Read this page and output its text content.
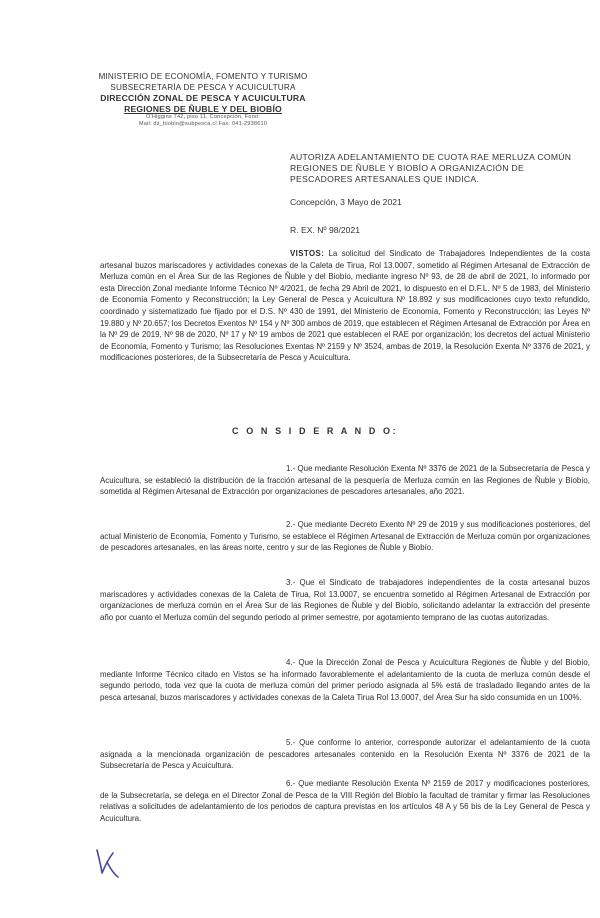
MINISTERIO DE ECONOMÍA, FOMENTO Y TURISMO
SUBSECRETARÍA DE PESCA Y ACUICULTURA
DIRECCIÓN ZONAL DE PESCA Y ACUICULTURA
REGIONES DE ÑUBLE Y DEL BIOBÍO
O'Higgins 742, piso 11, Concepción, Fono:
Mail: dz_biobio@subpesca.cl Fax: 041-2938610
AUTORIZA ADELANTAMIENTO DE CUOTA RAE MERLUZA COMÚN REGIONES DE ÑUBLE Y BIOBÍO A ORGANIZACIÓN DE PESCADORES ARTESANALES QUE INDICA.
Concepción, 3 Mayo de 2021
R. EX. Nº 98/2021
VISTOS: La solicitud del Sindicato de Trabajadores Independientes de la costa artesanal buzos mariscadores y actividades conexas de la Caleta de Tirua, Rol 13.0007, sometido al Régimen Artesanal de Extracción de Merluza común en el Área Sur de las Regiones de Ñuble y del Biobío, mediante ingreso Nº 93, de 28 de abril de 2021, lo informado por esta Dirección Zonal mediante Informe Técnico Nº 4/2021, de fecha 29 Abril de 2021, lo dispuesto en el D.F.L. Nº 5 de 1983, del Ministerio de Economía Fomento y Reconstrucción; la Ley General de Pesca y Acuicultura Nº 18.892 y sus modificaciones cuyo texto refundido, coordinado y sistematizado fue fijado por el D.S. Nº 430 de 1991, del Ministerio de Economía, Fomento y Reconstrucción; las Leyes Nº 19.880 y Nº 20.657; los Decretos Exentos Nº 154 y Nº 300 ambos de 2019, que establecen el Régimen Artesanal de Extracción por Área en la Nº 29 de 2019, Nº 98 de 2020, Nº 17 y Nº 19 ambos de 2021 que establecen el RAE por organización; los decretos del actual Ministerio de Economía, Fomento y Turismo; las Resoluciones Exentas Nº 2159 y Nº 3524, ambas de 2019, la Resolución Exenta Nº 3376 de 2021, y modificaciones posteriores, de la Subsecretaría de Pesca y Acuicultura.
C O N S I D E R A N D O:
1.- Que mediante Resolución Exenta Nº 3376 de 2021 de la Subsecretaría de Pesca y Acuicultura, se estableció la distribución de la fracción artesanal de la pesquería de Merluza común en las Regiones de Ñuble y Biobío, sometida al Régimen Artesanal de Extracción por organizaciones de pescadores artesanales, año 2021.
2.- Que mediante Decreto Exento Nº 29 de 2019 y sus modificaciones posteriores, del actual Ministerio de Economía, Fomento y Turismo, se establece el Régimen Artesanal de Extracción de Merluza común por organizaciones de pescadores artesanales, en las áreas norte, centro y sur de las Regiones de Ñuble y Biobío.
3.- Que el Sindicato de trabajadores independientes de la costa artesanal buzos mariscadores y actividades conexas de la Caleta de Tirua, Rol 13.0007, se encuentra sometido al Régimen Artesanal de Extracción por organizaciones de merluza común en el Área Sur de las Regiones de Ñuble y del Biobío, solicitando adelantar la extracción del presente año por cuanto el Merluza común del segundo periodo al primer semestre, por agotamiento temprano de las cuotas autorizadas.
4.- Que la Dirección Zonal de Pesca y Acuicultura Regiones de Ñuble y del Biobío, mediante Informe Técnico citado en Vistos se ha informado favorablemente el adelantamiento de la cuota de merluza común desde el segundo periodo, toda vez que la cuota de merluza común del primer periodo asignada al 5% está de trasladado llegando antes de la pesca artesanal, buzos mariscadores y actividades conexas de la Caleta Tirua Rol 13.0007, del Área Sur ha sido consumida en un 100%.
5.- Que conforme lo anterior, corresponde autorizar el adelantamiento de la cuota asignada a la mencionada organización de pescadores artesanales contenido en la Resolución Exenta Nº 3376 de 2021 de la Subsecretaría de Pesca y Acuicultura.
6.- Que mediante Resolución Exenta Nº 2159 de 2017 y modificaciones posteriores, de la Subsecretaría, se delega en el Director Zonal de Pesca de la VIII Región del Biobío la facultad de tramitar y firmar las Resoluciones relativas a solicitudes de adelantamiento de los periodos de captura previstas en los artículos 48 A y 56 bis de la Ley General de Pesca y Acuicultura.
